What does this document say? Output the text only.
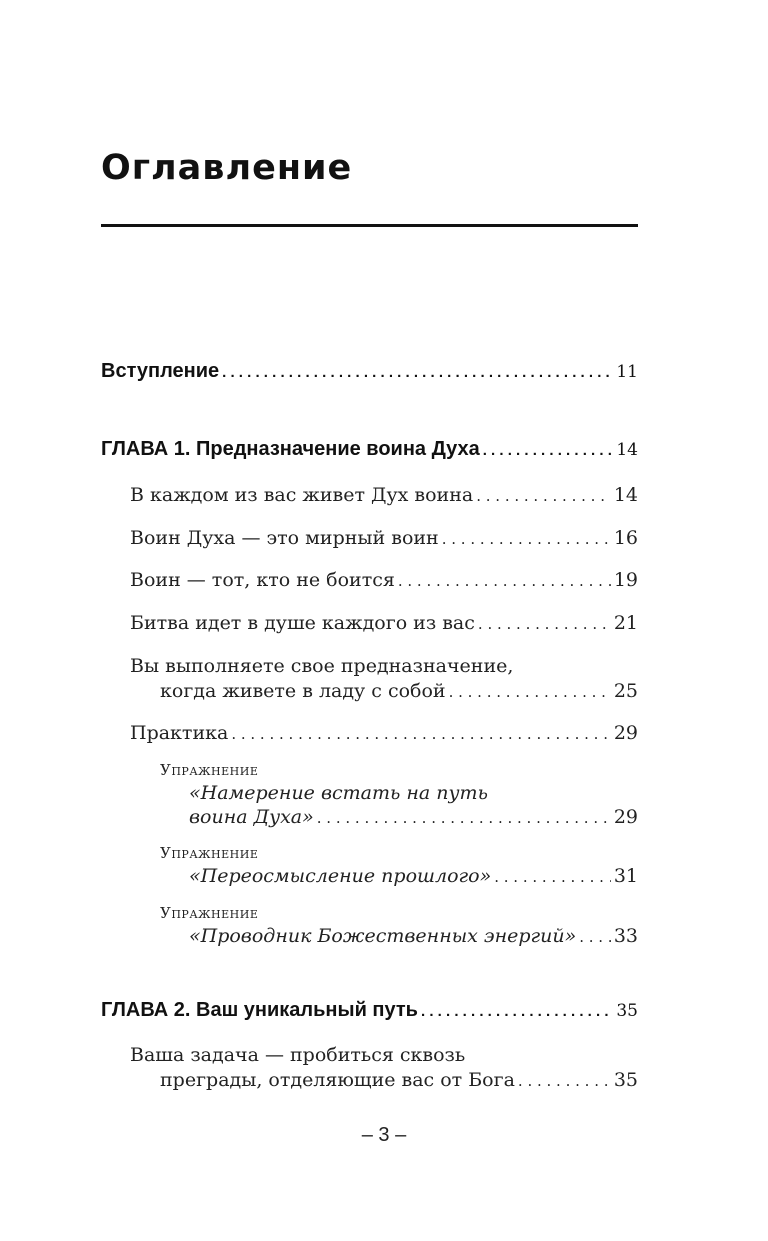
Оглавление
Вступление . . .	11
ГЛАВА 1. Предназначение воина Духа . . .	14
В каждом из вас живет Дух воина . . .	14
Воин Духа — это мирный воин . . .	16
Воин — тот, кто не боится . . .	19
Битва идет в душе каждого из вас . . .	21
Вы выполняете свое предназначение,
когда живете в ладу с собой . . .	25
Практика . . .	29
Упражнение
«Намерение встать на путь
воина Духа» . . .	29
Упражнение
«Переосмысление прошлого» . . .	31
Упражнение
«Проводник Божественных энергий» . . . 33
ГЛАВА 2. Ваш уникальный путь . . .	35
Ваша задача — пробиться сквозь
преграды, отделяющие вас от Бога . . .	35
– 3 –
